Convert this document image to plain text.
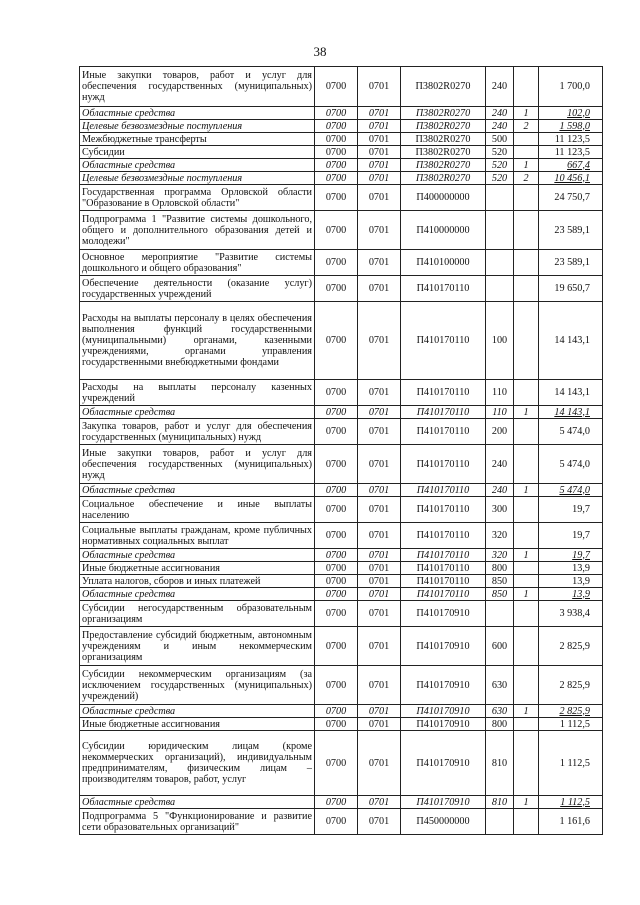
38
Иные закупки товаров, работ и услуг для обеспечения государственных (муниципальных) нужд	0700	0701	П3802R0270	240		1 700,0
Областные средства	0700	0701	П3802R0270	240	1	102,0
Целевые безвозмездные поступления	0700	0701	П3802R0270	240	2	1 598,0
Межбюджетные трансферты	0700	0701	П3802R0270	500		11 123,5
Субсидии	0700	0701	П3802R0270	520		11 123,5
Областные средства	0700	0701	П3802R0270	520	1	667,4
Целевые безвозмездные поступления	0700	0701	П3802R0270	520	2	10 456,1
Государственная программа Орловской области "Образование в Орловской области"	0700	0701	П400000000			24 750,7
Подпрограмма 1 "Развитие системы дошкольного, общего и дополнительного образования детей и молодежи"	0700	0701	П410000000			23 589,1
Основное мероприятие "Развитие системы дошкольного и общего образования"	0700	0701	П410100000			23 589,1
Обеспечение деятельности (оказание услуг) государственных учреждений	0700	0701	П410170110			19 650,7
Расходы на выплаты персоналу в целях обеспечения выполнения функций государственными (муниципальными) органами, казенными учреждениями, органами управления государственными внебюджетными фондами	0700	0701	П410170110	100		14 143,1
Расходы на выплаты персоналу казенных учреждений	0700	0701	П410170110	110		14 143,1
Областные средства	0700	0701	П410170110	110	1	14 143,1
Закупка товаров, работ и услуг для обеспечения государственных (муниципальных) нужд	0700	0701	П410170110	200		5 474,0
Иные закупки товаров, работ и услуг для обеспечения государственных (муниципальных) нужд	0700	0701	П410170110	240		5 474,0
Областные средства	0700	0701	П410170110	240	1	5 474,0
Социальное обеспечение и иные выплаты населению	0700	0701	П410170110	300		19,7
Социальные выплаты гражданам, кроме публичных нормативных социальных выплат	0700	0701	П410170110	320		19,7
Областные средства	0700	0701	П410170110	320	1	19,7
Иные бюджетные ассигнования	0700	0701	П410170110	800		13,9
Уплата налогов, сборов и иных платежей	0700	0701	П410170110	850		13,9
Областные средства	0700	0701	П410170110	850	1	13,9
Субсидии негосударственным образовательным организациям	0700	0701	П410170910			3 938,4
Предоставление субсидий бюджетным, автономным учреждениям и иным некоммерческим организациям	0700	0701	П410170910	600		2 825,9
Субсидии некоммерческим организациям (за исключением государственных (муниципальных) учреждений)	0700	0701	П410170910	630		2 825,9
Областные средства	0700	0701	П410170910	630	1	2 825,9
Иные бюджетные ассигнования	0700	0701	П410170910	800		1 112,5
Субсидии юридическим лицам (кроме некоммерческих организаций), индивидуальным предпринимателям, физическим лицам – производителям товаров, работ, услуг	0700	0701	П410170910	810		1 112,5
Областные средства	0700	0701	П410170910	810	1	1 112,5
Подпрограмма 5 "Функционирование и развитие сети образовательных организаций"	0700	0701	П450000000			1 161,6
